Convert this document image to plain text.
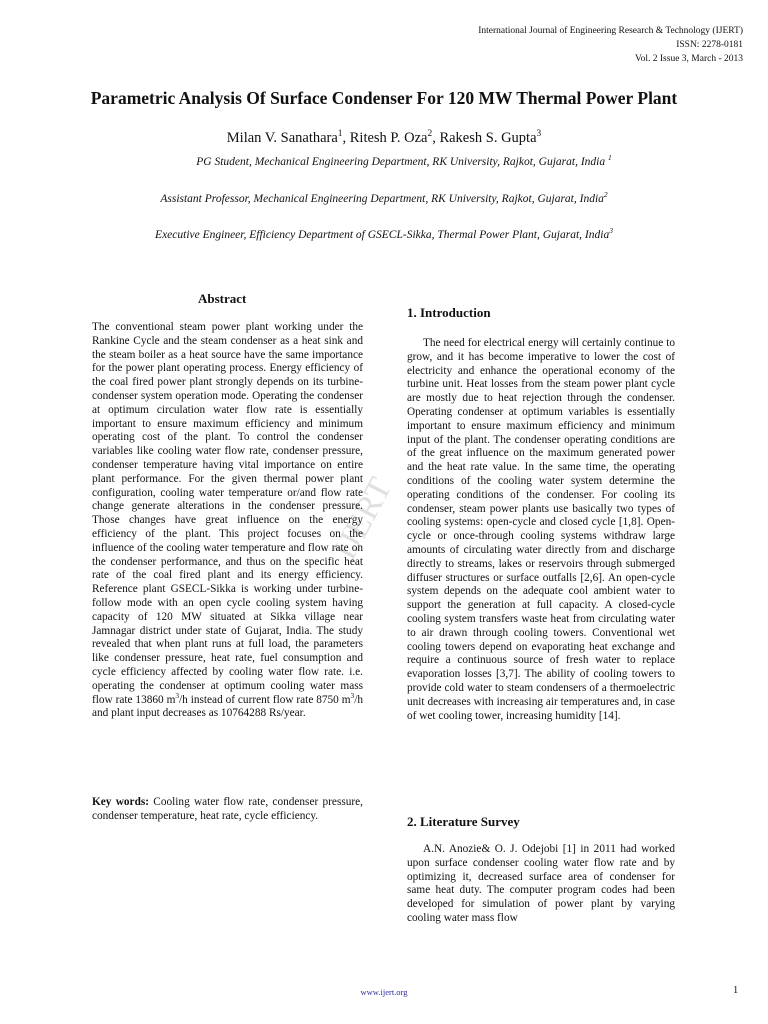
International Journal of Engineering Research & Technology (IJERT)
ISSN: 2278-0181
Vol. 2 Issue 3, March - 2013
Parametric Analysis Of Surface Condenser For 120 MW Thermal Power Plant
Milan V. Sanathara$^1$, Ritesh P. Oza$^2$, Rakesh S. Gupta$^3$
PG Student, Mechanical Engineering Department, RK University, Rajkot, Gujarat, India $^1$
Assistant Professor, Mechanical Engineering Department, RK University, Rajkot, Gujarat, India$^2$
Executive Engineer, Efficiency Department of GSECL-Sikka, Thermal Power Plant, Gujarat, India$^3$
IJERT
Abstract

The conventional steam power plant working under the Rankine Cycle and the steam condenser as a heat sink and the steam boiler as a heat source have the same importance for the power plant operating process. Energy efficiency of the coal fired power plant strongly depends on its turbine-condenser system operation mode. Operating the condenser at optimum circulation water flow rate is essentially important to ensure maximum efficiency and minimum operating cost of the plant. To control the condenser variables like cooling water flow rate, condenser pressure, condenser temperature having vital importance on entire plant performance. For the given thermal power plant configuration, cooling water temperature or/and flow rate change generate alterations in the condenser pressure. Those changes have great influence on the energy efficiency of the plant. This project focuses on the influence of the cooling water temperature and flow rate on the condenser performance, and thus on the specific heat rate of the coal fired plant and its energy efficiency. Reference plant GSECL-Sikka is working under turbine-follow mode with an open cycle cooling system having capacity of 120 MW situated at Sikka village near Jamnagar district under state of Gujarat, India. The study revealed that when plant runs at full load, the parameters like condenser pressure, heat rate, fuel consumption and cycle efficiency affected by cooling water flow rate. i.e. operating the condenser at optimum cooling water mass flow rate 13860 $m^3/h$ instead of current flow rate 8750 $m^3/h$ and plant input decreases as 10764288 Rs/year.

Key words: Cooling water flow rate, condenser pressure, condenser temperature, heat rate, cycle efficiency.

1. Introduction

The need for electrical energy will certainly continue to grow, and it has become imperative to lower the cost of electricity and enhance the operational economy of the turbine unit. Heat losses from the steam power plant cycle are mostly due to heat rejection through the condenser. Operating condenser at optimum variables is essentially important to ensure maximum efficiency and minimum input of the plant. The condenser operating conditions are of the great influence on the maximum generated power and the heat rate value. In the same time, the operating conditions of the cooling water system determine the operating conditions of the condenser. For cooling its condenser, steam power plants use basically two types of cooling systems: open-cycle and closed cycle [1,8]. Open-cycle or once-through cooling systems withdraw large amounts of circulating water directly from and discharge directly to streams, lakes or reservoirs through submerged diffuser structures or surface outfalls [2,6]. An open-cycle system depends on the adequate cool ambient water to support the generation at full capacity. A closed-cycle cooling system transfers waste heat from circulating water to air drawn through cooling towers. Conventional wet cooling towers depend on evaporating heat exchange and require a continuous source of fresh water to replace evaporation losses [3,7]. The ability of cooling towers to provide cold water to steam condensers of a thermoelectric unit decreases with increasing air temperatures and, in case of wet cooling tower, increasing humidity [14].

2. Literature Survey

A.N. Anozie& O. J. Odejobi [1] in 2011 had worked upon surface condenser cooling water flow rate and by optimizing it, decreased surface area of condenser for same heat duty. The computer program codes had been developed for simulation of power plant by varying cooling water mass flow

www.ijert.org	1
